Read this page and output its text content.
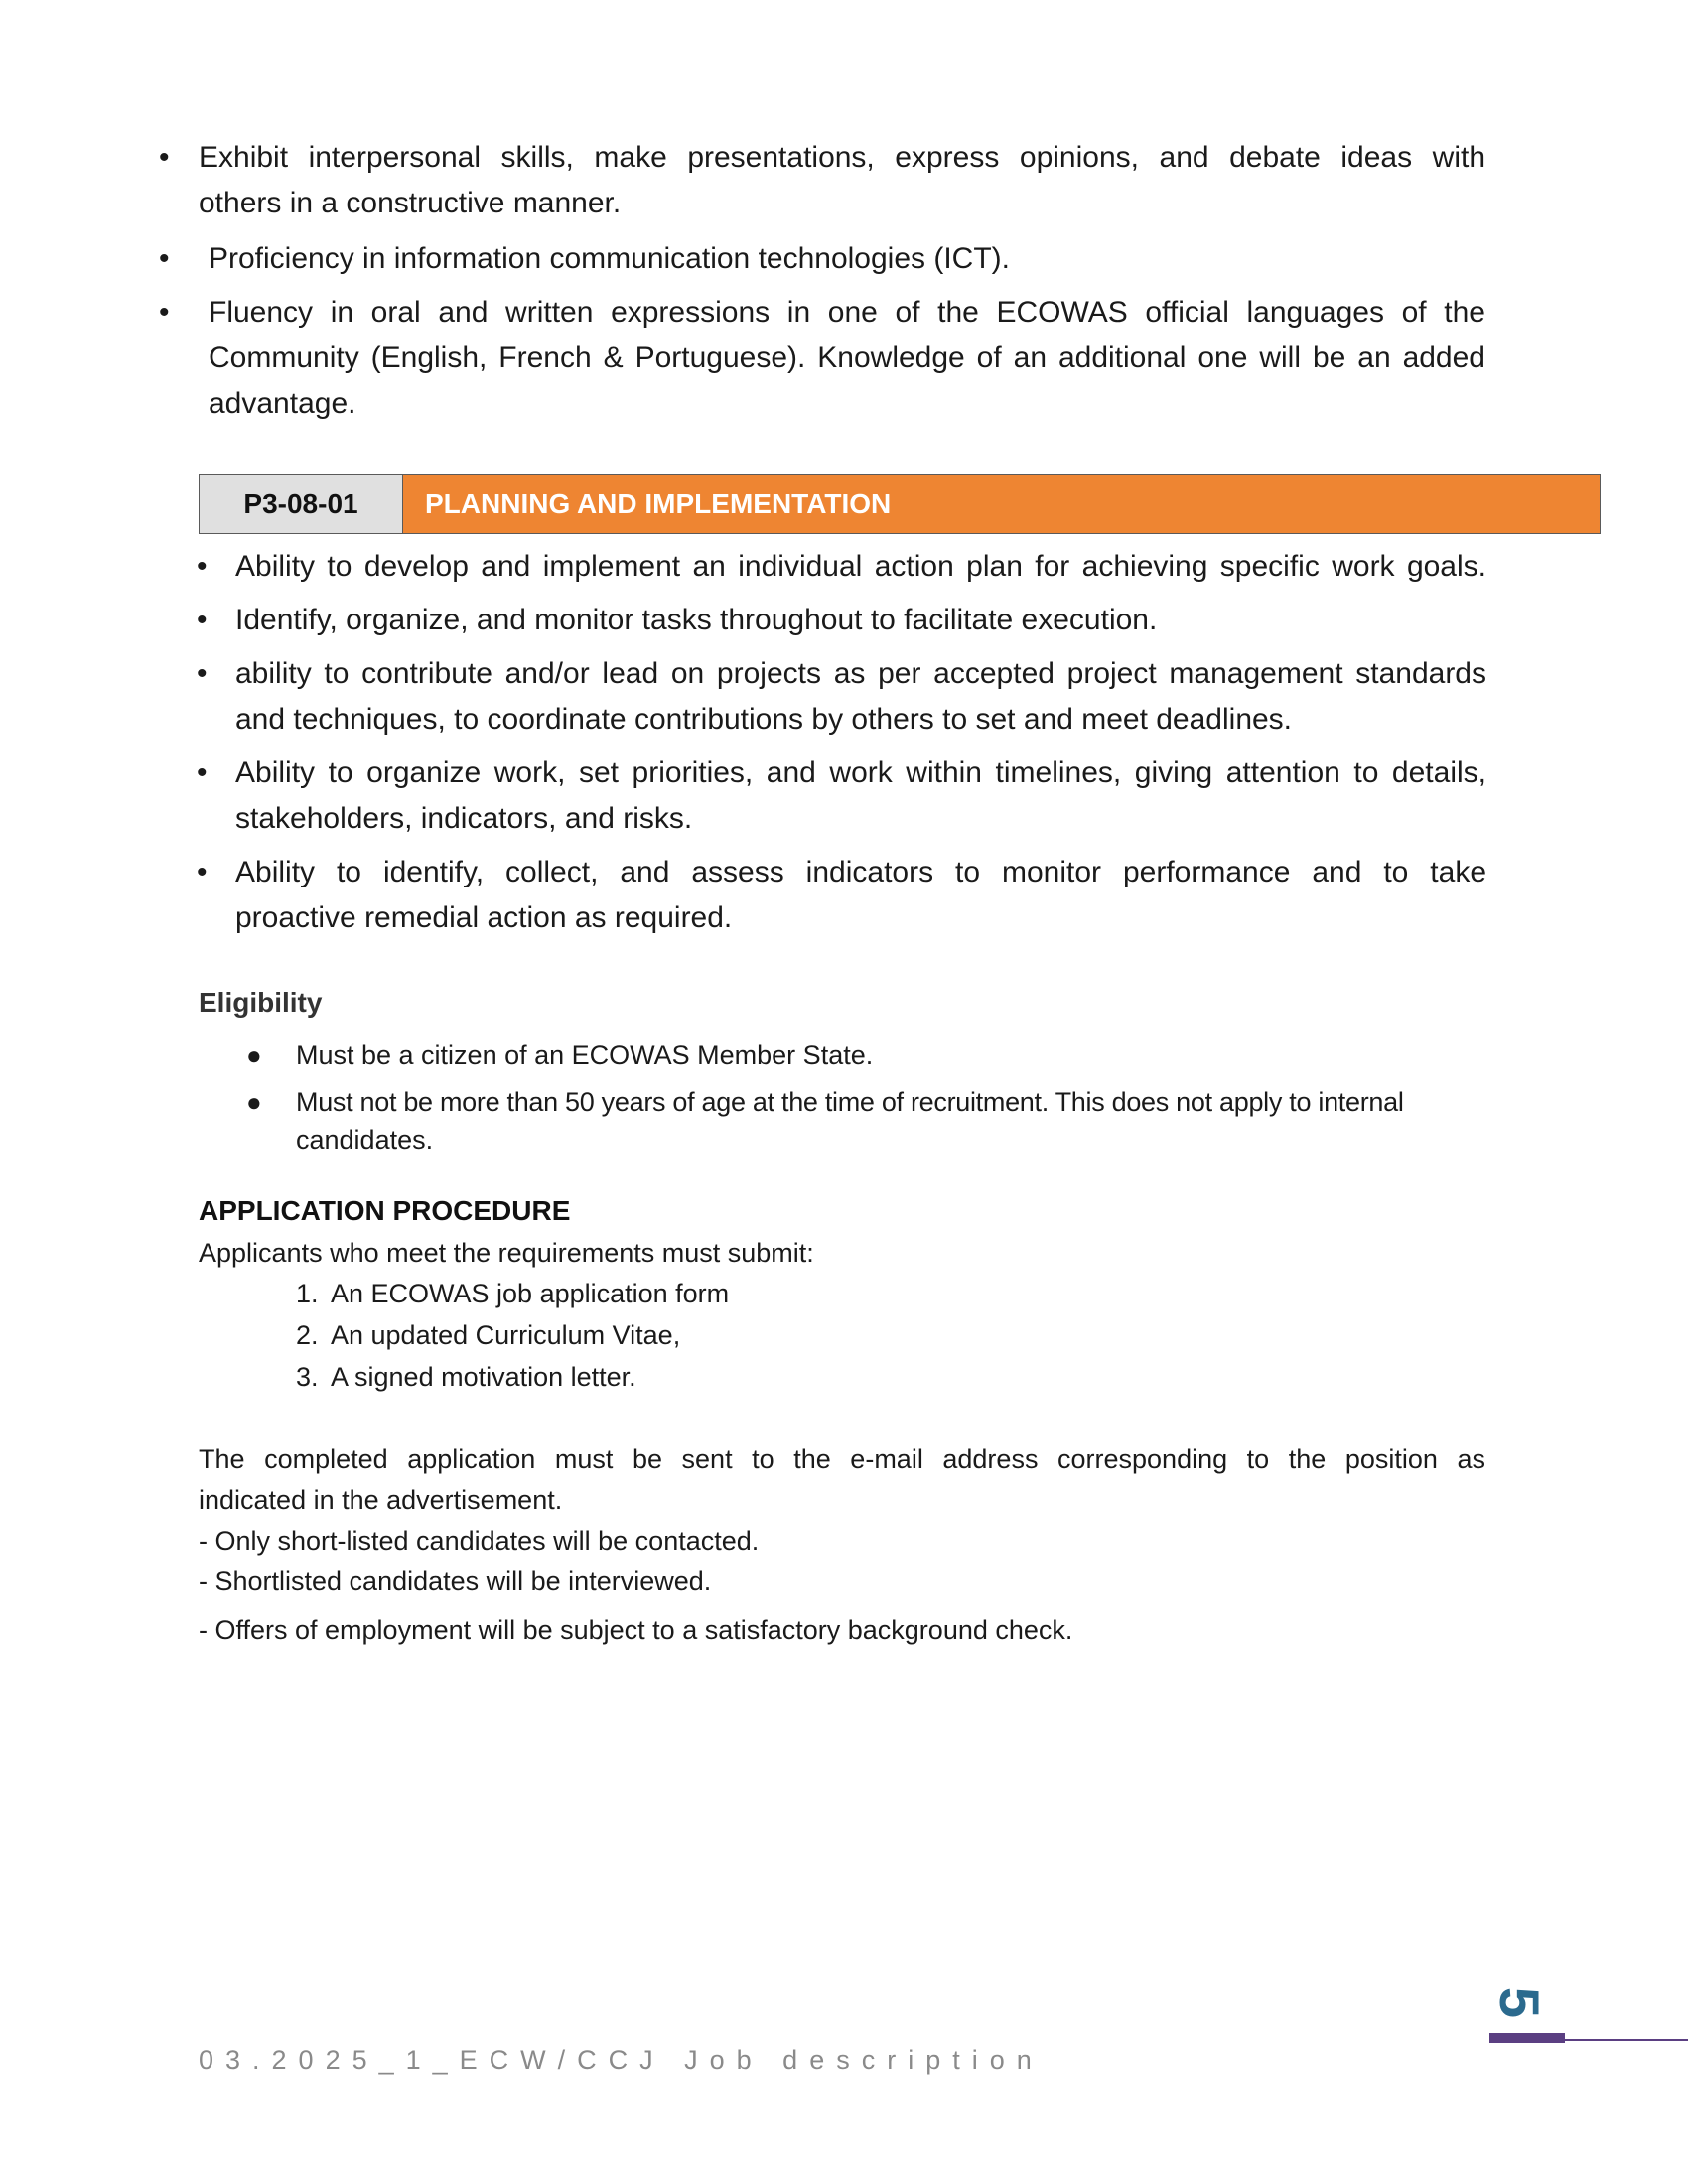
• Exhibit interpersonal skills, make presentations, express opinions, and debate ideas with
others in a constructive manner.
• Proficiency in information communication technologies (ICT).
• Fluency in oral and written expressions in one of the ECOWAS official languages of the
Community (English, French & Portuguese). Knowledge of an additional one will be an added
advantage.
P3-08-01	PLANNING AND IMPLEMENTATION
• Ability to develop and implement an individual action plan for achieving specific work goals.
• Identify, organize, and monitor tasks throughout to facilitate execution.
• ability to contribute and/or lead on projects as per accepted project management standards
and techniques, to coordinate contributions by others to set and meet deadlines.
• Ability to organize work, set priorities, and work within timelines, giving attention to details,
stakeholders, indicators, and risks.
• Ability to identify, collect, and assess indicators to monitor performance and to take
proactive remedial action as required.
Eligibility
● Must be a citizen of an ECOWAS Member State.
● Must not be more than 50 years of age at the time of recruitment. This does not apply to internal
candidates.
APPLICATION PROCEDURE
Applicants who meet the requirements must submit:
1. An ECOWAS job application form
2. An updated Curriculum Vitae,
3. A signed motivation letter.
The completed application must be sent to the e-mail address corresponding to the position as
indicated in the advertisement.
- Only short-listed candidates will be contacted.
- Shortlisted candidates will be interviewed.
- Offers of employment will be subject to a satisfactory background check.
5
03.2025_1_ECW/CCJ Job description
